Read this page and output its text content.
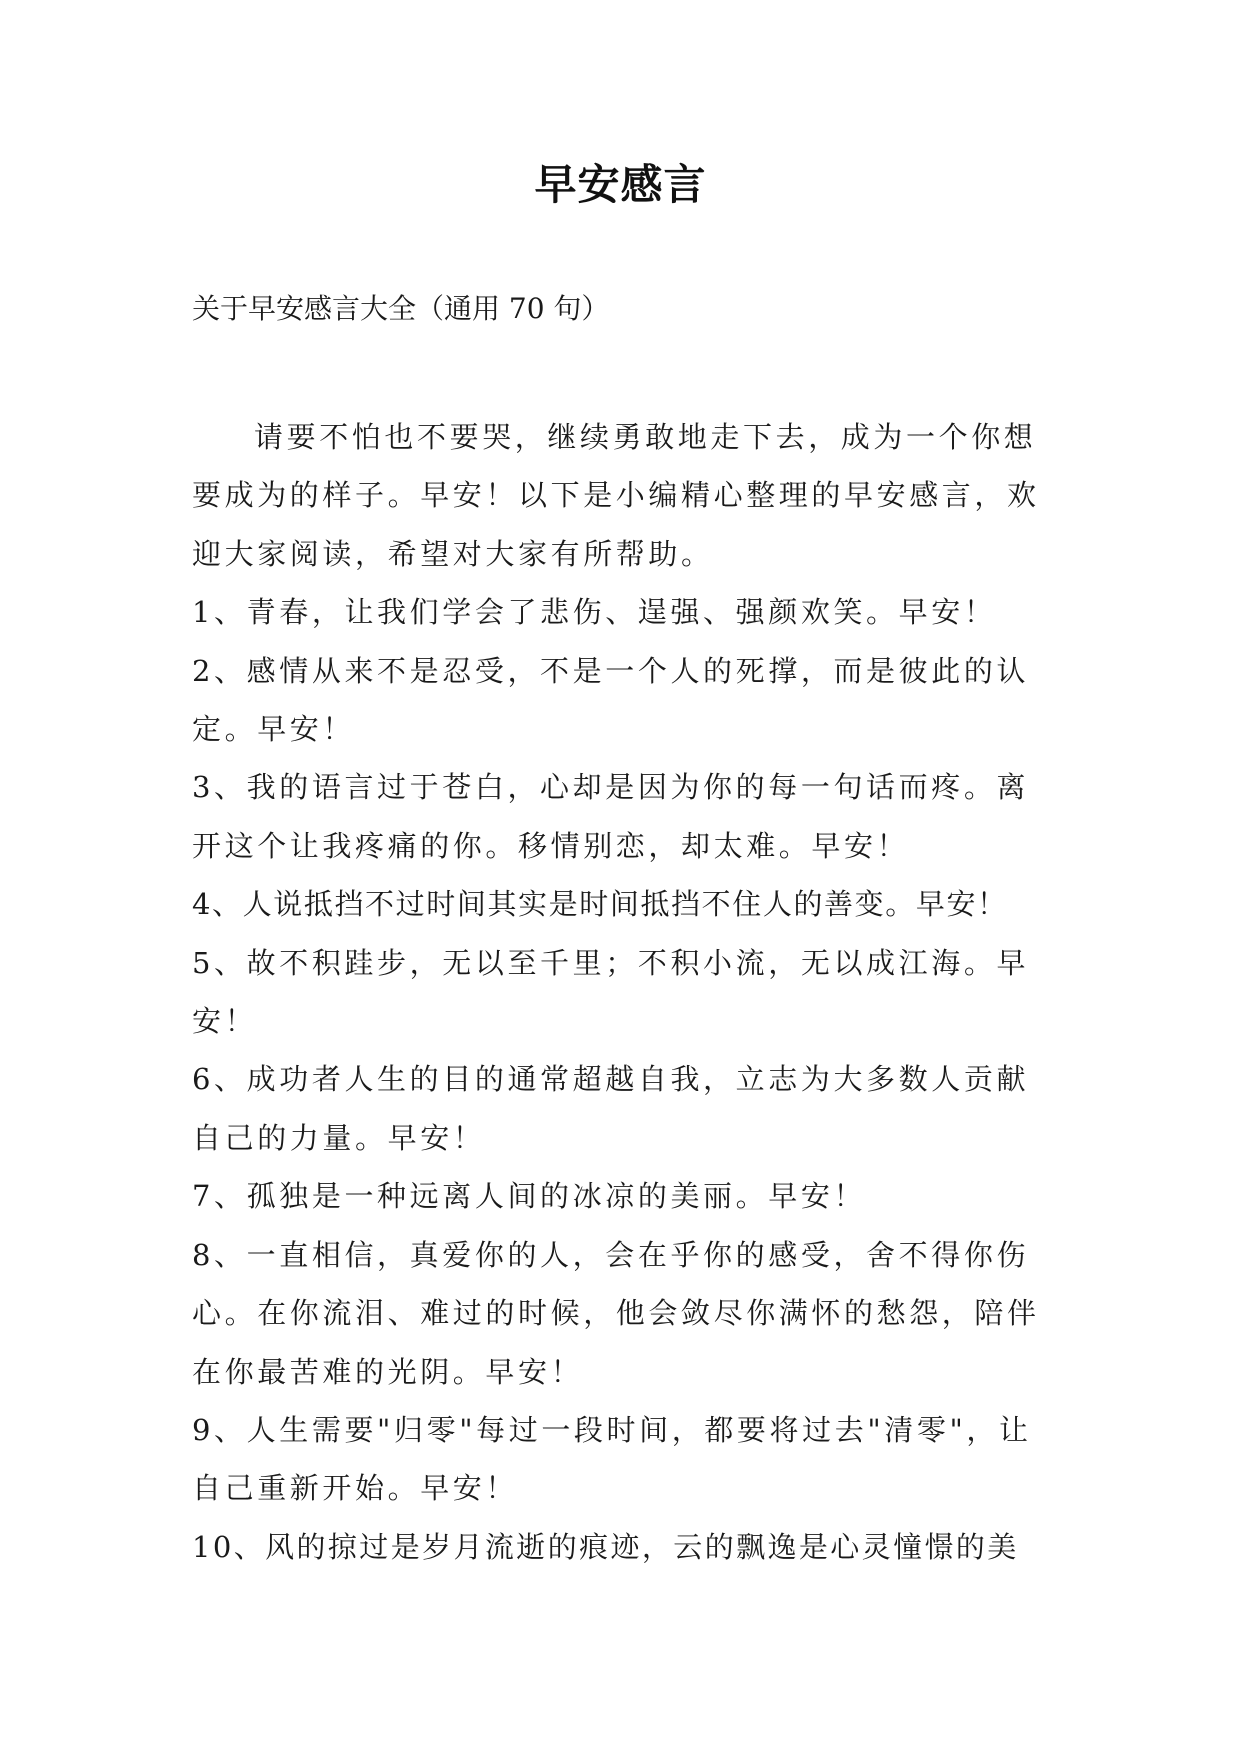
早安感言
关于早安感言大全（通用 70 句）

请要不怕也不要哭，继续勇敢地走下去，成为一个你想要成为的样子。早安！以下是小编精心整理的早安感言，欢迎大家阅读，希望对大家有所帮助。

1、青春，让我们学会了悲伤、逞强、强颜欢笑。早安！

2、感情从来不是忍受，不是一个人的死撑，而是彼此的认定。早安！

3、我的语言过于苍白，心却是因为你的每一句话而疼。离开这个让我疼痛的你。移情别恋，却太难。早安！

4、人说抵挡不过时间其实是时间抵挡不住人的善变。早安！

5、故不积跬步，无以至千里；不积小流，无以成江海。早安！

6、成功者人生的目的通常超越自我，立志为大多数人贡献自己的力量。早安！

7、孤独是一种远离人间的冰凉的美丽。早安！

8、一直相信，真爱你的人，会在乎你的感受，舍不得你伤心。在你流泪、难过的时候，他会敛尽你满怀的愁怨，陪伴在你最苦难的光阴。早安！

9、人生需要"归零"每过一段时间，都要将过去"清零"，让自己重新开始。早安！

10、风的掠过是岁月流逝的痕迹，云的飘逸是心灵憧憬的美
